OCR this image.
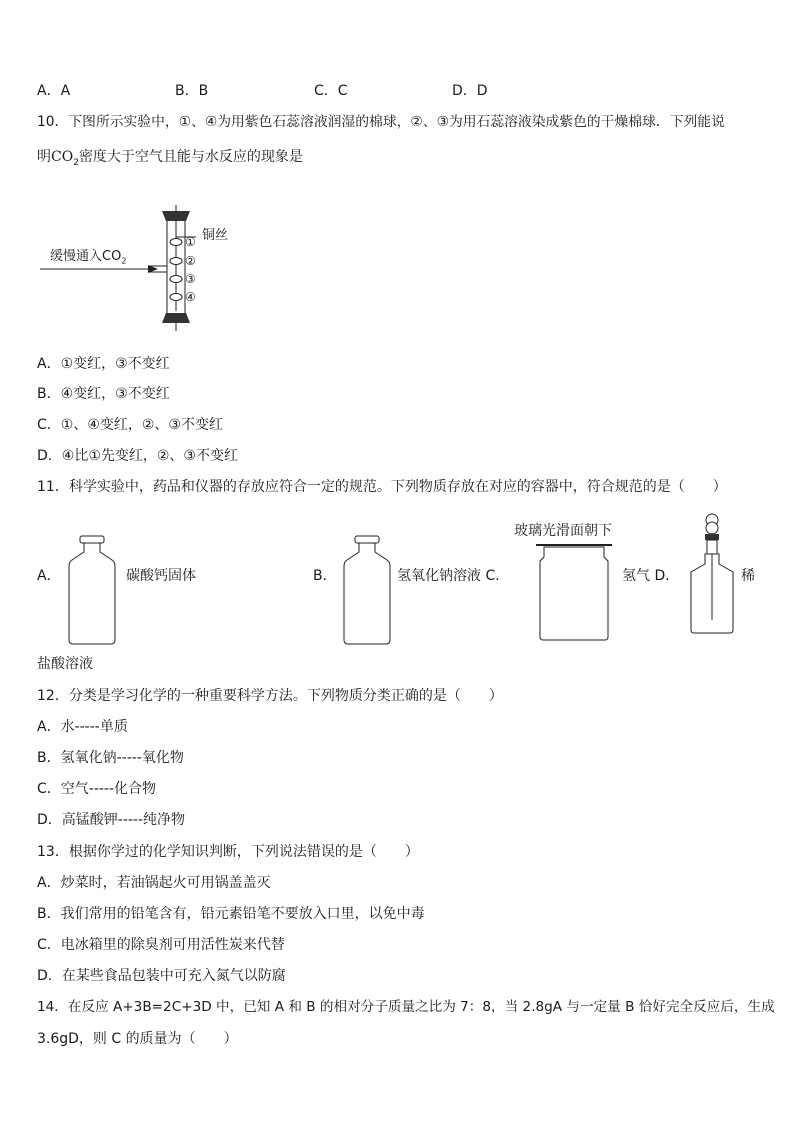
A．A	B．B	C．C	D．D
10．下图所示实验中，①、④为用紫色石蕊溶液润湿的棉球，②、③为用石蕊溶液染成紫色的干燥棉球．下列能说
明$CO_2$密度大于空气且能与水反应的现象是
缓慢通入$CO_2$
铜丝
①
②
③
④
A．①变红，③不变红
B．④变红，③不变红
C．①、④变红，②、③不变红
D．④比①先变红，②、③不变红
11．科学实验中，药品和仪器的存放应符合一定的规范。下列物质存放在对应的容器中，符合规范的是（　　）
A．	碳酸钙固体	B．	氢氧化钠溶液 C．
玻璃光滑面朝下
氢气 D．	稀
盐酸溶液
12．分类是学习化学的一种重要科学方法。下列物质分类正确的是（　　）
A．水-----单质
B．氢氧化钠-----氧化物
C．空气-----化合物
D．高锰酸钾-----纯净物
13．根据你学过的化学知识判断，下列说法错误的是（　　）
A．炒菜时，若油锅起火可用锅盖盖灭
B．我们常用的铅笔含有，铅元素铅笔不要放入口里，以免中毒
C．电冰箱里的除臭剂可用活性炭来代替
D．在某些食品包装中可充入氮气以防腐
14．在反应 A+3B=2C+3D 中，已知 A 和 B 的相对分子质量之比为 7：8，当 2.8gA 与一定量 B 恰好完全反应后，生成
3.6gD，则 C 的质量为（　　）
